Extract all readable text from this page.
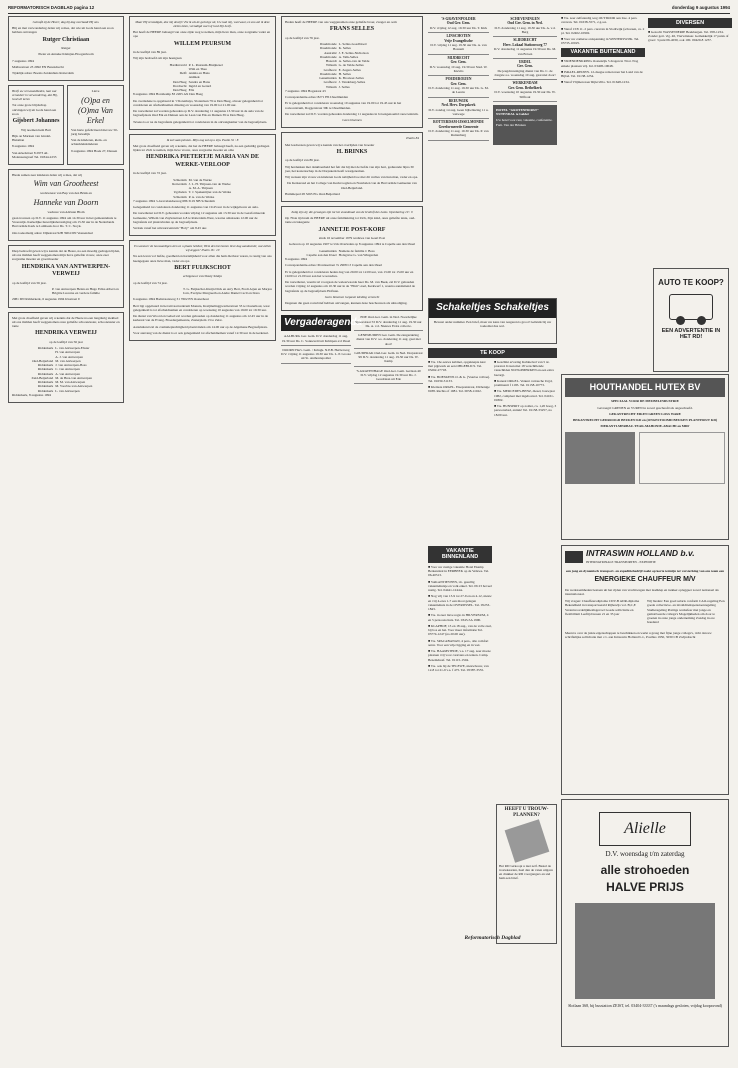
REFORMATORISCH DAGBLAD pagina 12	donderdag 9 augustus 1994

Geloofd zij de Heere; dag bij dag overlaadt Hij ons.

Blij en met verwondering delen wij u mee, dat wie uit Gods hand een zoon hebben ontvangen

Rutger Christiaan

Rutger

Pieter en Anneke Kleinjan-Hoogenboom

7 augustus 1994

Malbrestraat 23 2992 EN Barendrecht

Tijdelijk adres: Boezis Zeidenbuis Rotterdam

Heeft uw verwaandheden, laat wat verandert in verwondering, dat Hij, God wil keren

Tot onze grote blijdschap ontvingen wij uit Gods hand een zoon

Gijsbert Johannes

Wij noemen hem Bart

Bijk on Marleen van Gindel-Huisman

8 augustus 1994

Van Arkelstraat 8 2973 AL Molenaarsgraaf Tel. 01844-2233

Lieve

(O)pa en (O)ma Van Erkel

Van harte gefeliciteerd met uw 50-jarig huwelijk

Van de kinderen, klein- en achterkleinkinderen

9 augustus 1994 Hoek 27, Dussen

Hiede samen zeer kinderen delen wij u mee, dat wij

Wim van Grootheest

weduwnaar van Bep van den Brink en

Hanneke van Doorn

weduwe van Adriaan Blom

gaan trouwen op D.V. 11 augustus 1994 om 14.30 uur in het gemeentehuis te Vreeswijk. Kerkelijke huwelijksbevestiging om 15.30 uur in de Nederlands Hervormde Kerk te Lambeek door Ds. T. C. Stoyk.

Ons toekomstig adres: Dijkstraat 92B 3904 DN Veenendaal

Diep bedroefd geven wij u kennis dat de Heere, na een moedig gedragen lijden, uit ons midden heeft weggenomen mijn lieve geliefde vrouw, onze zeer zorgzame moeder en grootmoeder

HENDRIKA VAN ANTWERPEN-VERWEIJ

op de leeftijd van 56 jaar.

P. van Antwerpen Helen en Hugo Erika Albert en Brigitte Lucerne en verdere familie

2981 DN Ridderkerk, 6 augustus 1994 Irisstraat 9

Met grote droefheid geven wij u kennis dat de Heere na een langdurig ziekbed uit ons midden heeft weggenomen onze geliefde schoonzuster, schoonzuster en tante

HENDRIKA VERWEIJ

op de leeftijd van 56 jaar

Ridderkerk L. van Antwerpen-Ebster
H. van Antwerpen
A. J. van Antwerpen
Oud-Beijerland M. van Antwerpen
Ridderkerk J. van Antwerpen-Boss
Ridderkerk C. van Antwerpen
Ridderkerk A. van Antwerpen
Zuid-Beijerland M. de Bres-van Antwerpen
Ridderkerk M. M. van Antwerpen
Ridderkerk M. Voorbie-van Antwerpen
Ridderkerk L. van Antwerpen

Ridderkerk, 8 augustus 1994

Maar Hij verzadigde, doe mij dewijl? Zie ik als de gelovige uit, Uw taal mij, voorwaar, en zoo zal ik deze zielen laten, verzadigd wat Gij God Zijt heeft.

Het heeft de HEERE behaagd van onze zijde weg te nemen, mijn lieve man, onze zorgzame vader en opa

WILLEM PEURSUM

in de leeftijd van 89 jaar.

Wij zijn bedroefd om zijn heengaan

Hardinxveld P. L. Peursum-Bruijnzeel
Wim en Theo
Delft Annita en Hans
Anmiek
Den Haag Sandra en Hans
Dordrecht Ingrid en Gerard
Den Haag Ella

8 augustus 1994 Horstkamp 83 2265 AX Den Haag

De overledene is opgebaard in 't Slotenhuys, Slotenlaan 79 te Den Haag, alwaar gelegenheid tot condoleren en afscheidnemen dinsdag en woensdag van 19.00 tot 21.00 uur.

De rouwdienst zal worden gehouden op D.V. donderdag 11 augustus 13.30 uur in de aula van de begraafplaats Oud Eik en Duinen aan de Laan van Eik en Duinen 39 te Den Haag.

Teveus is er na de begrafenis gelegenheid tot condoleren in de ontvangkamer van de begraafplaats.

Ik zal vaak peinzen. Mijn oog zal op u zijn. Psalm 32 : 8

Met grote droefheid geven wij u kennis, dat het de HEERE behaagd heeft, na een geduldig gedragen lijden tot Zich te nemen, mijn lieve vrouw, onze zorgzame moeder en oma

HENDRIKA PIETERTJE MARIA VAN DE WERKE-VERLOOP

in de leeftijd van 72 jaar.

Schiedam M. van de Werke
Rotterdam J. L. H. Thijssen-van de Werke
A. M. A. Thijssen
Ugchelen T. J. Spekentijter-van de Werke
Schiedam P. A. van de Werke

7 augustus 1994 's-Gravelandseweg 686 3119 NB Schiedam

Gelegenheid tot condoleren donderdag 11 augustus van 19.45 uur in de wijkgebouw en aula.

De rouwdienst zal D.V. gehouden worden vrijdag 12 augustus om 13.30 uur in de Gereformeerde Gemeente, Willem van Zuylenstraat 4-8 te Rotterdam-West, waarna omstreeks 12.00 uur de begrafenis zal plaatsvinden op de begraafplaats.

Vertrek vanaf het uitvaartcentrum "Holy" om 8.45 uur.

En wanneer de hoovaardigen zien en u plaats hebben; Hem den bevreezen lieve dag aandoende; wat zullen wij zeggen? Psalm 16 : 10

Na een leven vol liefde, goedheid en hartelijkheid voor allen die hem dierbaar waren, is rustig van ons heengegaan onze lieve man, vader en opa

BERT FUIJKSCHOT

echtgenoot van Dusty Kleijn

op de leeftijd van 74 jaar.

T. G. Fuijkschot-Kleijn Dick en Arry Bert, Fredi Arjen en Marjon Jorn, Evelyne Margreeth en Andre Daniel Cecil en Ilona

6 augustus 1994 Badstraatsweg 31 7602 EN Oosterhout

Bert ligt opgebaard in het uitvaartcentrum Monuta, Kreijmelinggwartierstraat 33 te Oosterhout, waar gelegenheid is tot afscheidnemen en condoleren op woensdag 10 augustus van 19.00 tot 19.30 uur.

De dienst van Woord en Gebed zal worden gehouden op donderdag 11 augustus om 12.45 uur in de kerkzaal van de Evang. Broedergemeente, Zusterplein 13 te Zeist.

Aansluitend zal de crematieplechtigheid plaatsvinden om 14.00 uur op de Algemene Begraafplaats.

Voor aanvang van de dienst is er ook gelegenheid tot afscheidnemen vanaf 12.30 uur in de kerkzaal.

Heden heeft de HEERE van ons weggenomen onze geliefde broer, zwager en oom

FRANS SELLES

op de leeftijd van 76 jaar.

IJsselmonde L. Selles-Goedbloed
IJsselmonde K. Selles
Australië J. E. Selles-Nicholson
IJsselmonde A. Valk-Selles
Hazerdi A. Selles-van de Velde
Wilsum G. de Velde-Selles
Grafhorst E. Zegers-Selles
IJsselmonde H. Selles
Genemuiden K. Brouwer-Selles
Grafhorst J. Vandeberg-Selles
Wilsum J. Selles

7 augustus 1994 Hogestaat 43

Correspondentie-adres: 8271 HS IJsselmuiden

Er is gelegenheid tot condoleren woensdag 10 augustus van 19.00 tot 19.45 uur in het rouwcentrum, Doggerstraat 39b te IJsselmuiden.

De rouwdienst zal D.V. worden gehouden donderdag 11 augustus in bovengenoemd rouwcentrum.

Geen bloemen

Psalm 84

Met leedwezen geven wij u kennis van het overlijden van broeder

H. BRINKS

op de leeftijd van 86 jaar.

Wij herdenken met dankbaarheid het feit dat hij met de liefde van zijn hart, gedurende bijna 30 jaar, het kostersschap in de Dorpskerk heeft waargenomen.

Wij wensen zijn vrouw en kinderen Gods nabijheid toe met dit verlies van hun man, vader en opa.

De Kerkeraad en het College van Kerkvoogden en Notabelen van de Hervormde Gemeente van Oud-Beijerland.

Hammepad 28 3263 EG Oud-Beijerland

Zalig zijn zij, die gevangen zijn tot het avondmaal van de bruiloft des Lams. Openbaring 19 : 9

Op 70ste tijd nam de HEERE uit onze familiekring tot Zich, Zijn kind, onze geliefde tante, oud-tante en lakegente

JANNETJE POST-KORF

sinds 16 november 1979 weduwe van Geert Post

Geboren op 10 augustus 1907 te Urk Overleden op 8 augustus 1994 te Capelle aan den IJssel

Genemuiden Namens de familie J. Boss
Capelle aan den IJssel Holsgrave G. van Wingerden

8 augustus 1994

Correspondentie-adres: Pronissetraat 7a 2908 CJ Capelle aan den IJssel

Er is gelegenheid tot condoleren heden dag van 20.00 tot 12.00 uur, van 13.00 tot 15.00 uur en 19.00 tot 21.00 uur aan het woonadres.

De rouwdienst, waarin tal voorgaan de weleerwaarde heer Ds. M. van Beek, zal D.V. gehouden worden vrijdag 12 augustus om 10.30 uur in de "Elim"-zaal, Kerkwerf 1, waarna aansluitend de begrafenis op de begraafplaats Hoflaan.

Geen bloemen Gepaste kleding verzocht

Degenen die geen rouwbrief hebben ontvangen, kunnen deze beschouwen als uitnodiging.

Vergaderagenda

AALBURG Ger. Gem. D.V. donderdag 11 aug. 19.30 uur Ds. C. Sonneveld uit Krimpen a/d IJssel

DOORN Herv. Gem. / Kringk. N.P.B. Herberweg D.V. vrijdag 11 augustus 19.30 uur Ds. L. P. Groote uit St. Anthoniepolder

EDE Oud-Ger. Gem. in Ned. Noordelijke Spoorstraat 53 D.V. donderdag 11 aug. 19.30 uur Ds. A. v.d. Nieuwe Extra collecte.

GENEMUIDEN Ger. Gem. De zangerskring dienst van D.V. a.s. donderdag 11 aug. gaat niet door!

GOUDERAK Oud-Ger. Gem. in Ned. Dorpsstraat 99 D.V. donderdag 11 aug. 19.30 uur Ds. W. Kamp

'S-GRAVENHAGE Oud-Ger. Gem. Gerlaan 40 D.V. vrijdag 12 augustus 19.30 uur Ds. J. Goudriaan uit Ede

'S-GRAVENPOLDER
Oud Ger. Gem.
D.V. vrijdag 12 aug. 19.30 uur Ds. T. Kirk
LINSCHOTEN
Vrije Evangelische
D.V. vrijdag 11 aug. 19.30 uur Ds. A. van Bossum
MIJDRECHT
Ger. Gem.
D.V. woensdag 10 aug. 19.30 uur Stud. W. Kievits
POEDEROIJEN
Ger. Gem.
D.V. donderdag 11 aug. 19.30 uur Ds. G. M. de Leeuw
REEUWIJK
Ned. Herv. Dorpskerk
D.V. zondag 14 aug. Geen bijbellezing 11 u. vanwege
ROTTERDAM-IJSSELMONDE
Gereformeerde Gemeente
D.V. donderdag 11 aug. 19.30 uur Ds. P. van Ruitenburg
SCHEVENINGEN
Oud Ger. Gem. in Ned.
D.V. donderdag 11 aug. 19.30 uur Ds. A. v.d. Berg
SLIEDRECHT
Herv. Lokaal Stationsweg 77
D.V. donderdag 11 augustus 19.30 uur Ds. M. van Boven
URDEL
Ger. Gem.
De jeugdvereniging dienst van Ds. C. de Jongste a.s. woensdag 10 aug. gaat niet door!
WERKENDAM
Ger. Gem. Bethelkerk
D.V. woensdag 10 augustus 19.30 uur Ds. W. Silfhout

HOTEL "GROTENHORST" NUTENDAL te Gelder

Uw hotel voor rust, vakantie, conferentie. Fam. Van der Brinken

Schakeltjes Schakeltjes

Bewust onder nummer. Een brief, maar uw kans van reageren is groot! Gebruik bij uw toekomst dus wel.

TE KOOP

■ T.k. 16e eeuws kabinet, opgeknapte kast met pijpwerk en een OBGEBLICS. Tel. 03262-27718.

■ T.k. BOESKENS O. & G. (Vaartse volbaa). Tel. 01639-31133.

■ Kleinste ORGEL. Eisepretstraat, Dirbenige 9188. Rechts of 1981. Tel. 0058-11022.

■ Geschikt ervaring Kabinetvel van 5 nr. prorand. Kraan met 18 verschillende vanschilden NOTGPMERKEN en een extra bezorgt.

■ Kanaal ORGEL. Venunt cartouche Urgd, prominenti f 1195. Tel. 01158-10773.

■ T.k. MERCEDES-BENZ, diesel, bouwjaar 1982, compleet met ingebouwd. Tel. 04161-01802.

■ T.k. HUNSPRIT op zolder, ca. 1,20 hoog, 3 persoonsbed, antiek! Tel. 01158-33257, na 18.00 uur.

VAKANTIE BINNENLAND

■ Voor uw rustige vakantie Hotel Ekamp Berkendaal in EERBEEK op de Veluwe. Tel. 06-40513.

■ VAKANTIEVEEN, i.b. gezellig vakantiehuisje en volk enkel. Tel. 06 23 hoveel rustig. Tel. 04441-1244A.

■ Nog vrij van 13-9 tot 27-9 en en 4-12, nieuw en vrij 4-eres 1-7 een mooi gelegen vakantiehuis in de OVERIJSSEL. Tel. 05233-1843.

■ T.k. in zeer lieve regio in HILVERSUM, 4 en 5 persoons huis. Tel. 0345-5A 1990.

■ KLAPHOF, 13 en 18 aug., van de volle zaal, bij bos en hei. Voor meer informatie Tel. 03774-1247 (na 20.00 uur).

■ T.k. SPACABANAN, 4 pers., alle comfort aanw. Voor een vrije ligging en in wei.

■ T.k. HAAMSTEDE, v.a. 17 aug. zeer mooie plaatsen vrij voor caravans en tenten. Camp. Bezemdreef. Tel. 01115-1504.

■ T.k. ook bij de TELEWE, nieuwbouw, van 12-8 tot 21-9 v.a. f 475. Tel. 05387-3555.

HEEFT U TROUW-PLANNEN?

Het RD verkoopt u niet zelf. Bestel de trouwkaarten, haal dan de vaten uitgave en drukker de RD voorgangers en stel hem een brief.

Reformatorisch Dagblad

■ T.k. zeer zelfstandig weg OUTDOOR aan Zee. 4 pers. caravan. Tel. 01638-3571, z.g.a.n.

■ Vanaf 13/8 11. 2 pers. caravan in Slodtwijk (schorsen, ca. 2 pl. Tel. 02402-10902.

■ Voor uw zomerse ontspanning in WINTERSWIJK. Tel. 05735-10025.

VAKANTIE BUITENLAND

■ VRIENDENKRING Oostenrijk 5 dragen in Tirol. Nog enkele plaatsen vrij. Inl. 03408-10048.

■ ISRAEL-REIZEN. 12-daagse reizen naar het Land van de Bijbel. Tel. 01138-1234.

■ Vanaf Vlijmen naar Rijkvvilla. Tel. 01648-1234.

DIVERSEN

■ Gezocht WASSENIERIE Beekbergen. Tel. 058-1234. Zonder gert. vlg. 46, Vierwinnaar. Gemakkelijk 17 punts of groot: 3 punt 06-4030, ook 100. 00420-8 1237.

AUTO TE KOOP?

EEN ADVERTENTIE IN HET RD!

HOUTHANDEL HUTEX BV

SPECIAAL VOOR DE MEUBELINDUSTRIE

Gevraagd: GRENEN en VUREN in zowel geschaafd als ongeschaafd.

GEKANTRECHT EIKEN GREEN LOSS WARE

BEKANTRECHT GEDROOGD BEUKEN KD en (ONGESTOOMD BEUKEN PLANTHOUT KD)

MERANTI-MERBAU-TEAK-MAHONIE-ABACHI en MDF

INTRASWIN HOLLAND b.v.

INTERNATIONALE TRANSPORTEN - EXPEDITIE

een jong en dynamisch transport- en expeditiebedrijf zoekt op korte termijn ter versterking van ons team een

ENERGIEKE CHAUFFEUR M/V

De werkzaamheden bestaan uit het rijden van vrachtwagen met laadklep en trekker opleggeer zowel nationaal als internationaal.

Wij vragen: Chauffeursdiploma CDV-B ADR-diploma Bekendheid in transportwereld Rijbewijs vol. B,C,E Verantwoordelijkheidsgevoel Goede sollicitatie en flexibiliteit Leeftijd tussen 21 en 35 jaar

Wij bieden: Een goed salaris conform CAO-regeling Een goede collectieve- en invaliditeitspensioenregeling Studieregeling Prettige werksfeer met jonge en gemotiveerde collega's Mogelijkheden om door te groeien in onze jonge onderneming Zondag in ere houdend

Meent u over de juiste eigenschappen te beschikken en werkt u graag met fijne jonge collega's, richt dan uw schriftelijke sollicitatie met c.v. aan Intraswin Holland b.v., Postbus 1950, 3030 CB Zwijndrecht

Alielle

D.V. woensdag t/m zaterdag

alle strohoeden

HALVE PRIJS

Slotlaan 368, bij busstation ZEIST, tel. 03404-33337 ('s maandags gesloten, vrijdag koopavond)
